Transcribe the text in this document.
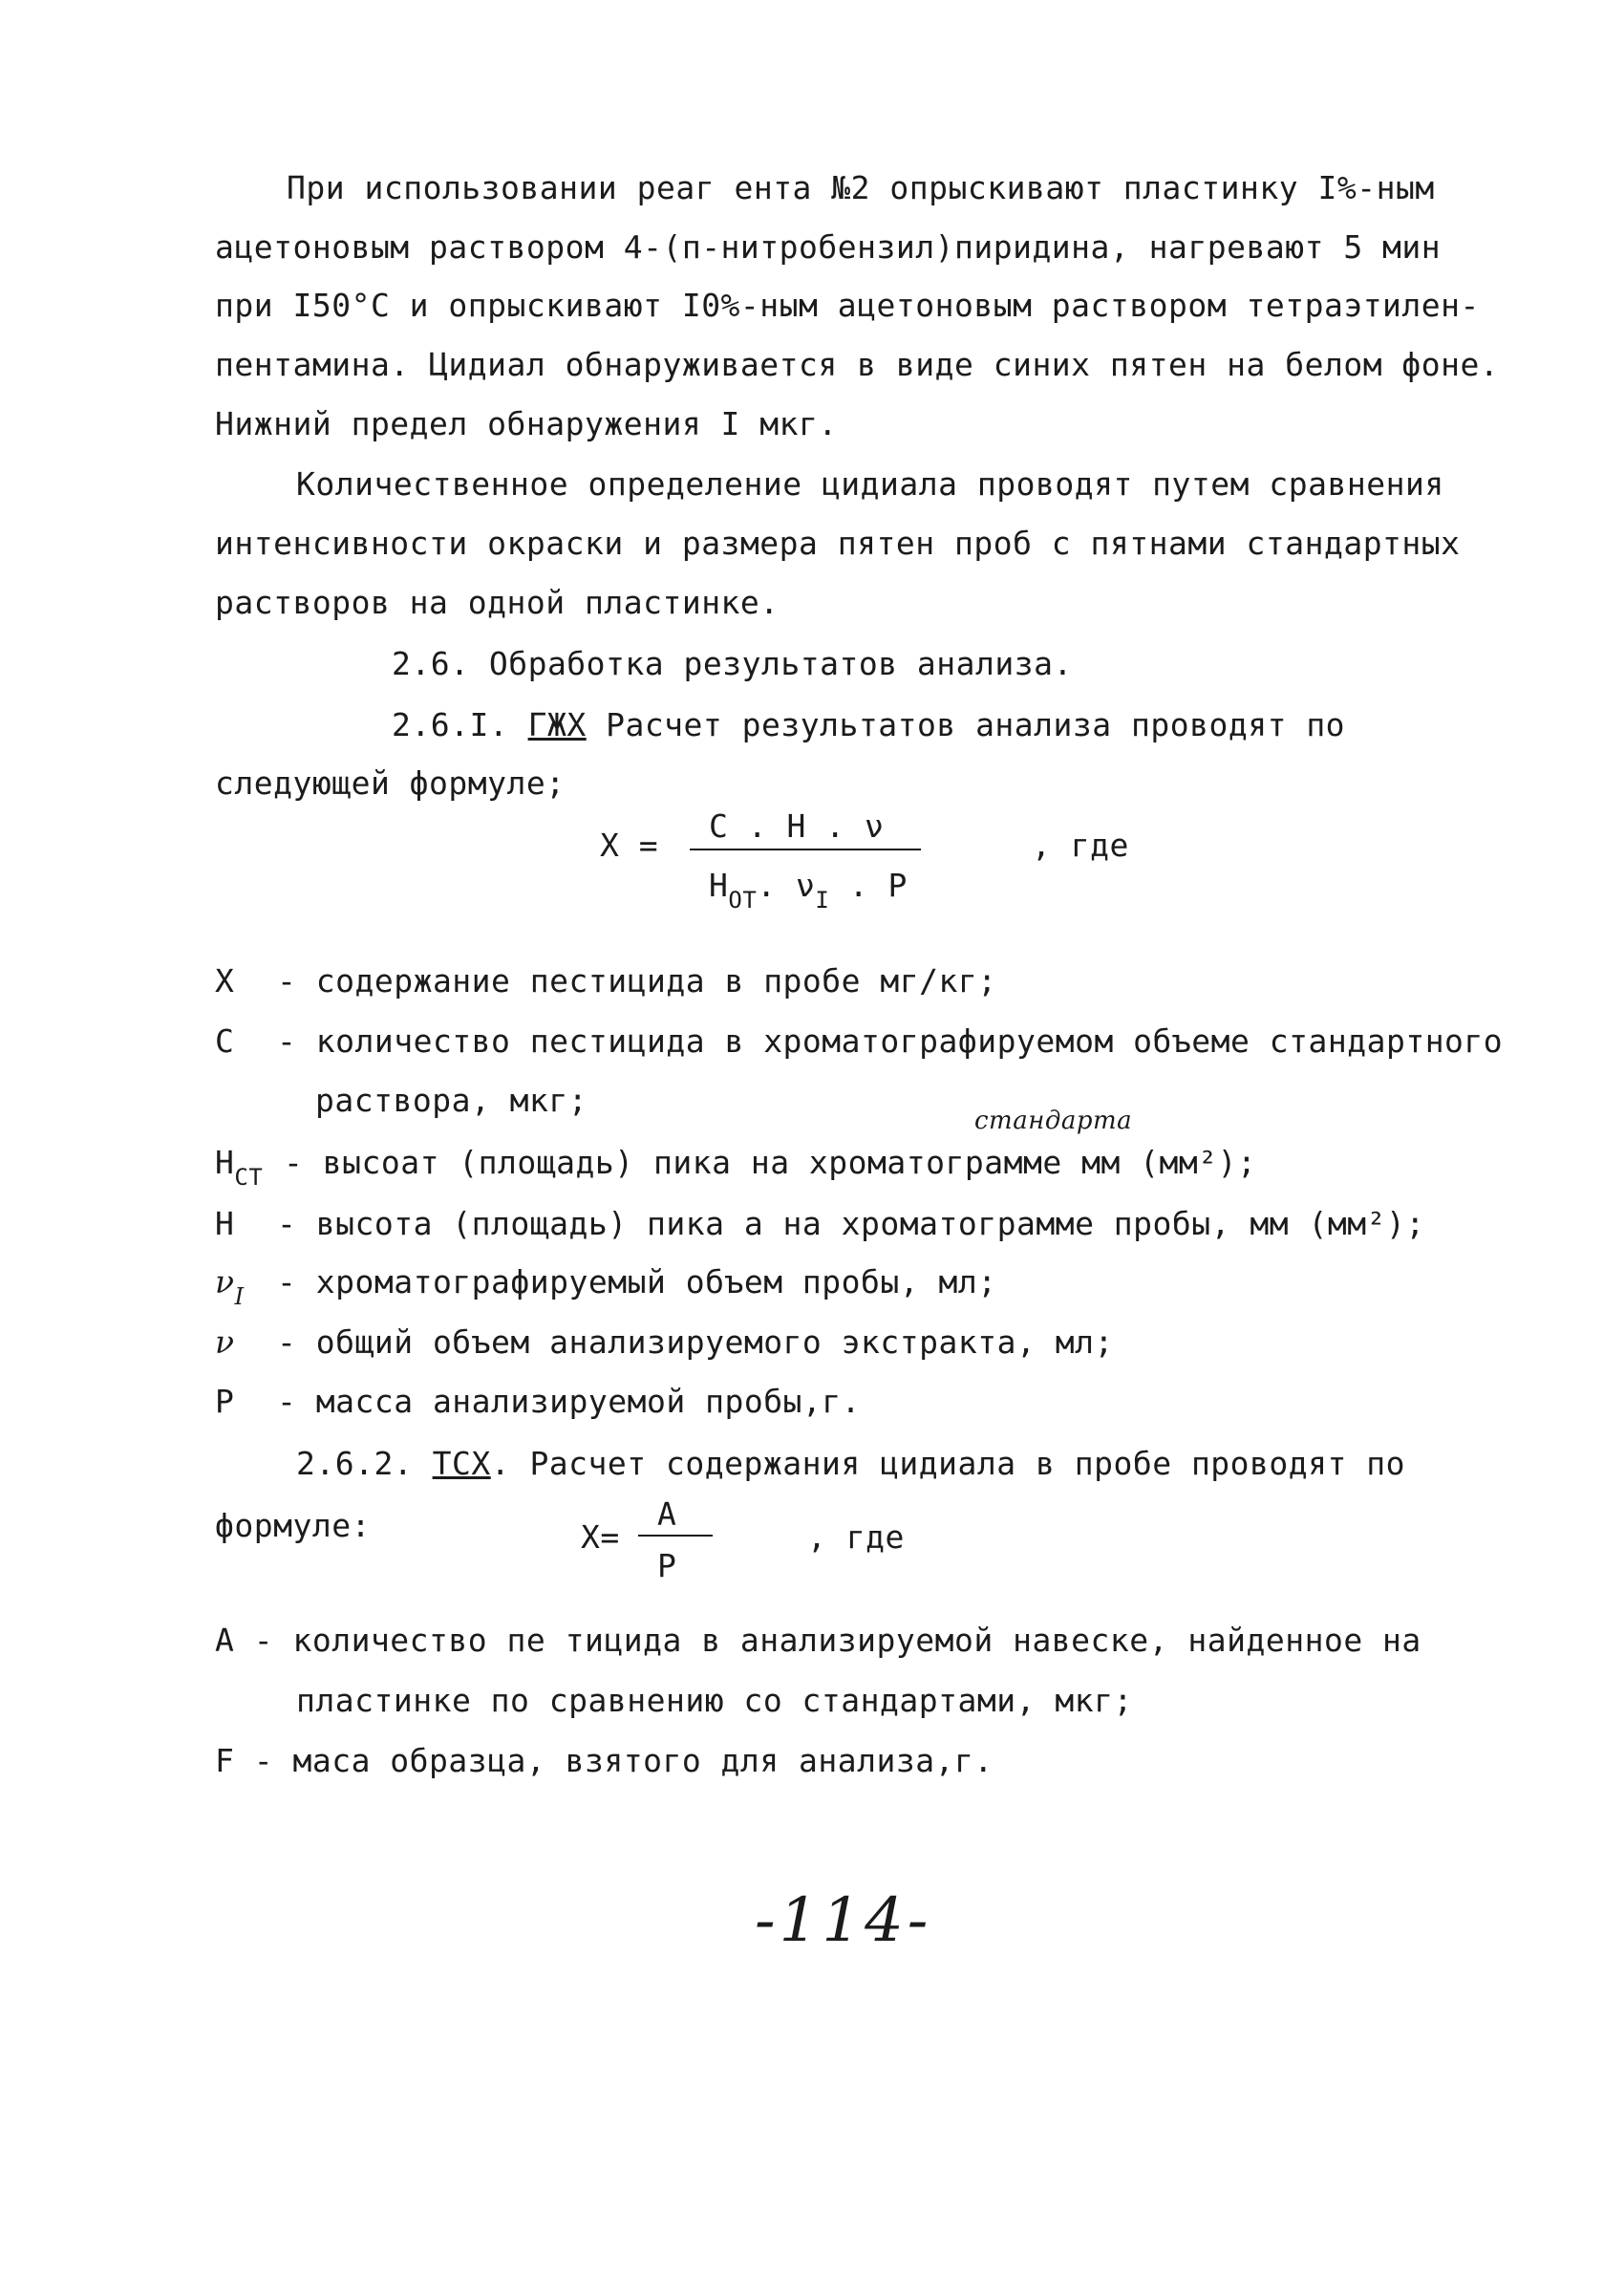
При использовании реаг ента №2 опрыскивают пластинку I%-ным
ацетоновым раствором 4-(п-нитробензил)пиридина, нагревают 5 мин
при I50°C и опрыскивают I0%-ным ацетоновым раствором тетраэтилен-
пентамина. Цидиал обнаруживается в виде синих пятен на белом фоне.
Нижний предел обнаружения I мкг.
Количественное определение цидиала проводят путем сравнения
интенсивности окраски и размера пятен проб с пятнами стандартных
растворов на одной пластинке.
2.6. Обработка результатов анализа.
2.6.I. ГЖХ Расчет результатов анализа проводят по
следующей формуле;
X =
C . H . ν
$H_{ОТ}$. $\nu_I$ . P
, где
X - содержание пестицида в пробе мг/кг;
C - количество пестицида в хроматографируемом объеме стандартного
раствора, мкг;
стандарта
$H_{СТ}$ - высоат (площадь) пика на хроматограмме мм (мм²);
H - высота (площадь) пика а на хроматограмме пробы, мм (мм²);
$\nu_I$ - хроматографируемый объем пробы, мл;
ν - общий объем анализируемого экстракта, мл;
P - масса анализируемой пробы,г.
2.6.2. ТСХ. Расчет содержания цидиала в пробе проводят по
формуле:	X=
A
P
, где
A - количество пе тицида в анализируемой навеске, найденное на
пластинке по сравнению со стандартами, мкг;
F - маса образца, взятого для анализа,г.
-114-
